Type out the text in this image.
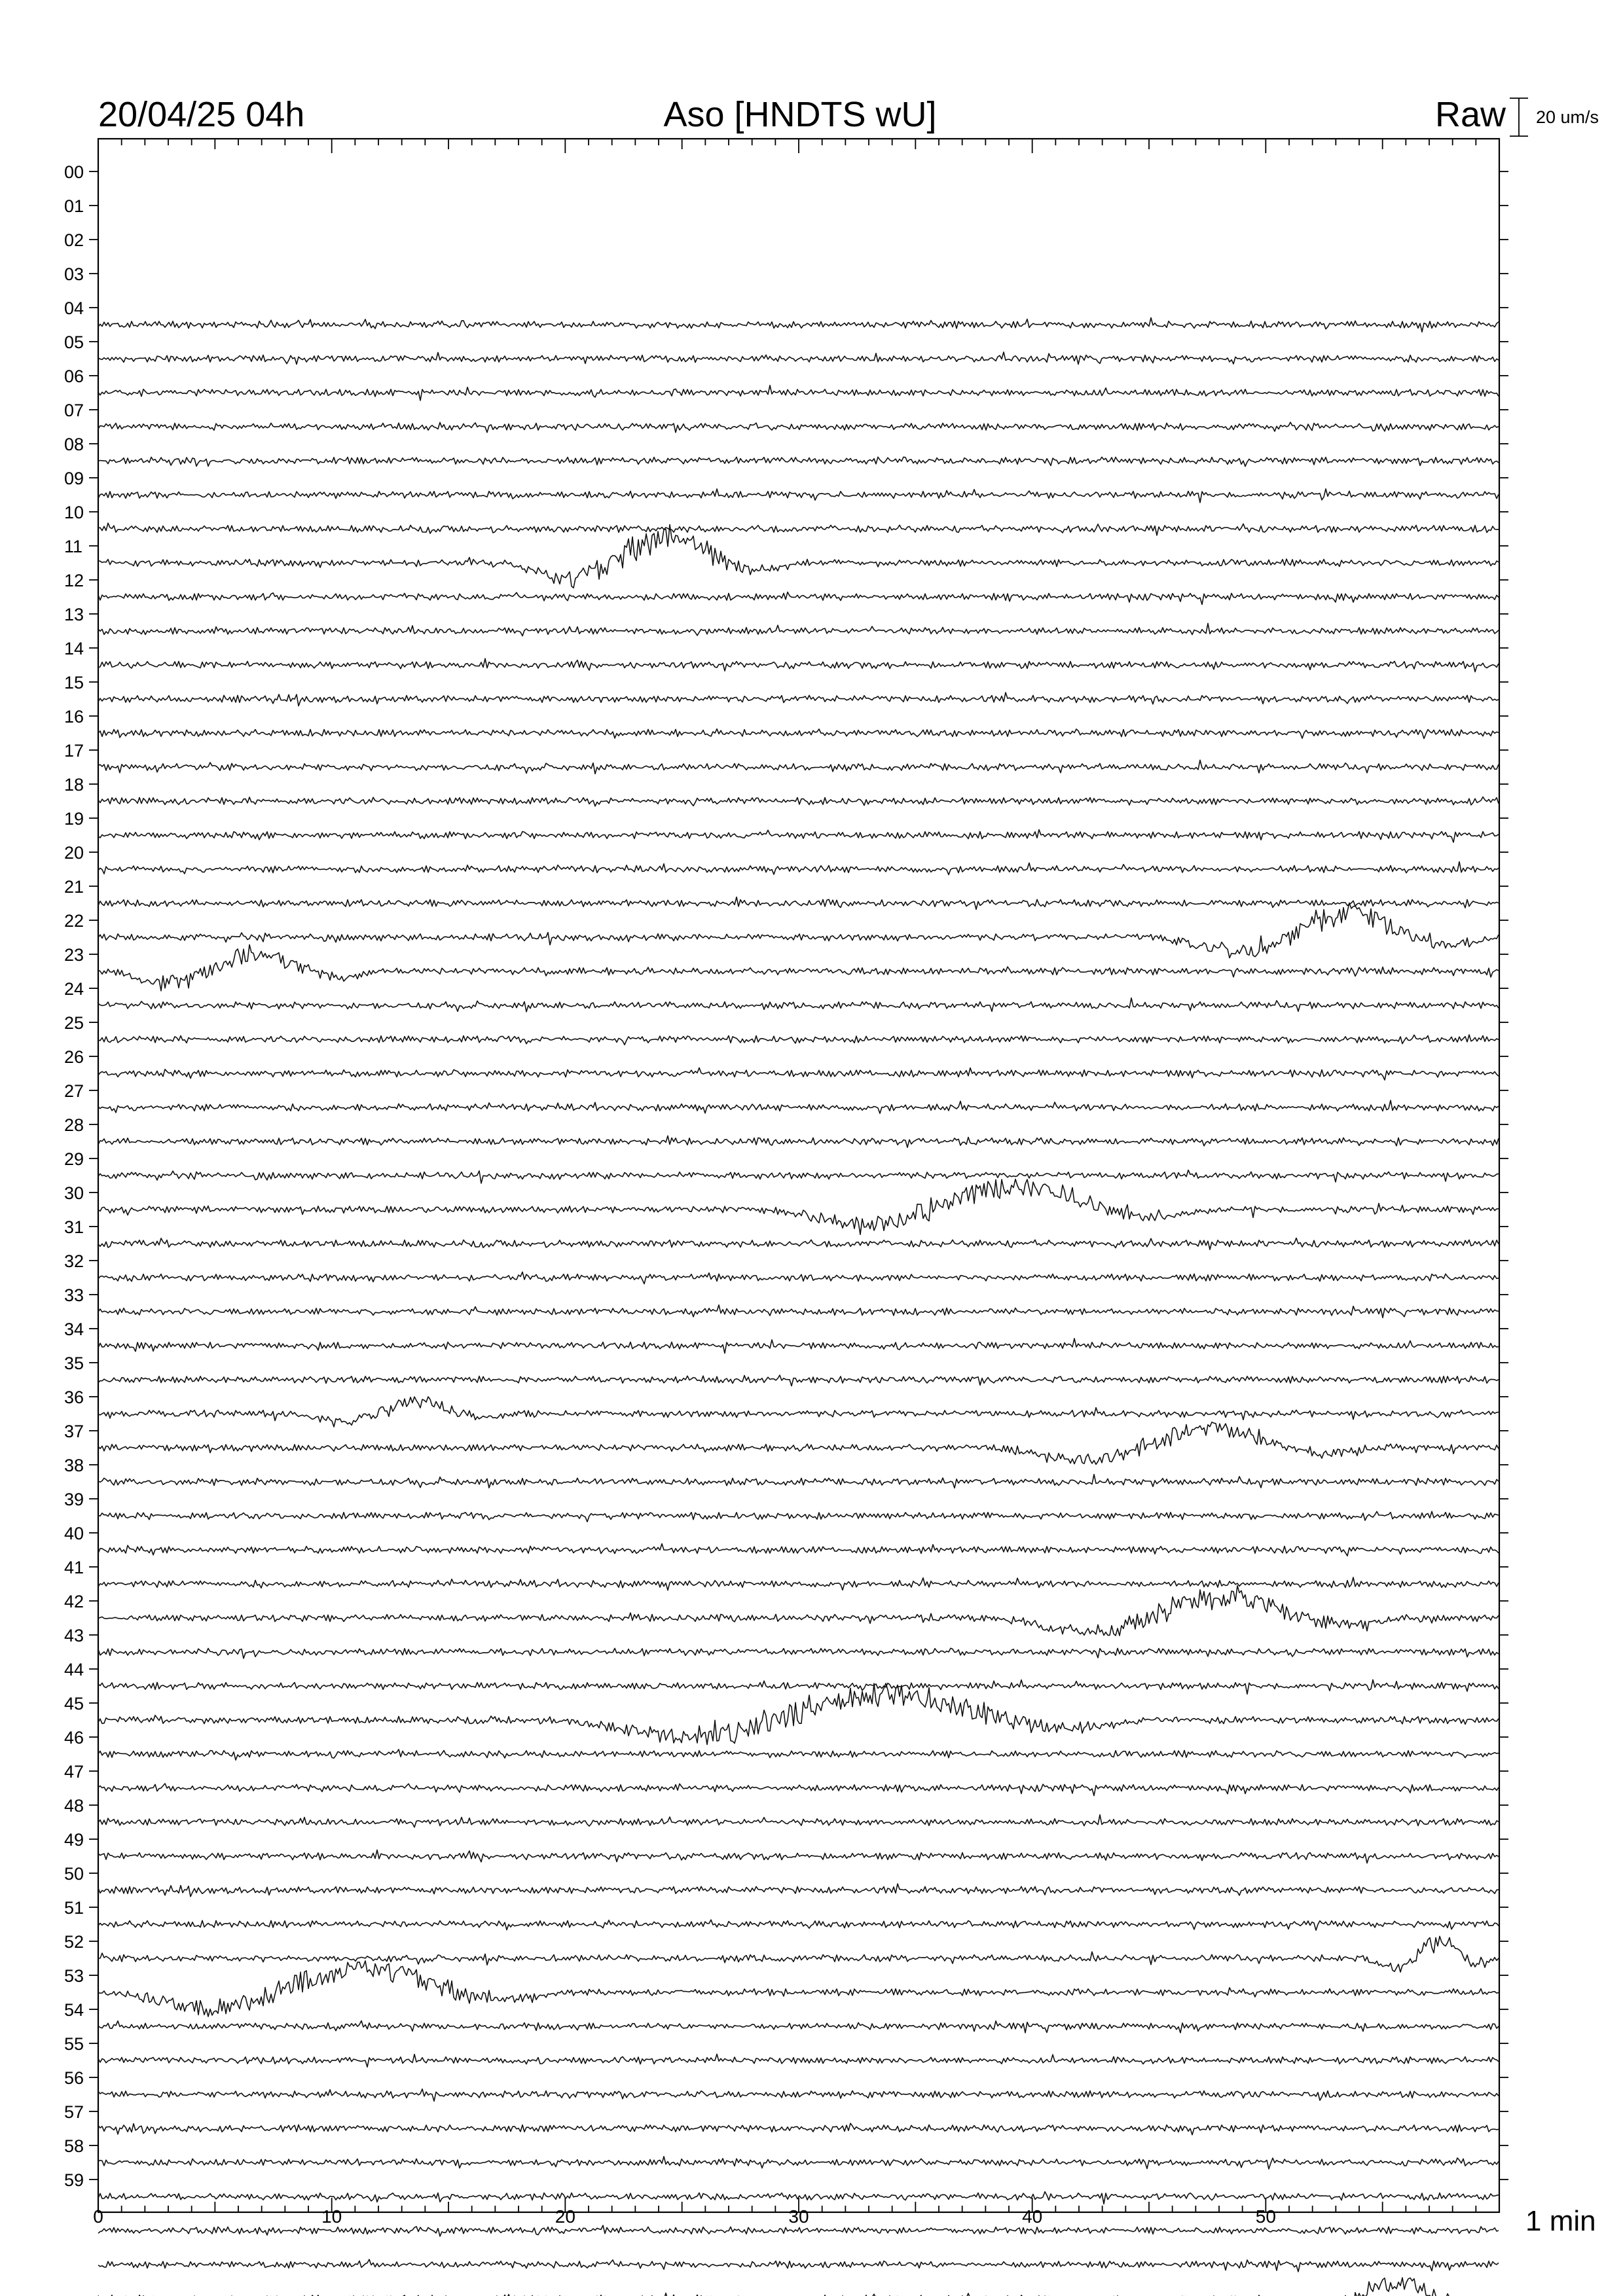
20/04/25 04h	Aso [HNDTS wU]	Raw 20 um/s
00
01
02
03
04
05
06
07
08
09
10
11
12
13
14
15
16
17
18
19
20
21
22
23
24
25
26
27
28
29
30
31
32
33
34
35
36
37
38
39
40
41
42
43
44
45
46
47
48
49
50
51
52
53
54
55
56
57
58
59
0	10	20	30	40	50	1 min
